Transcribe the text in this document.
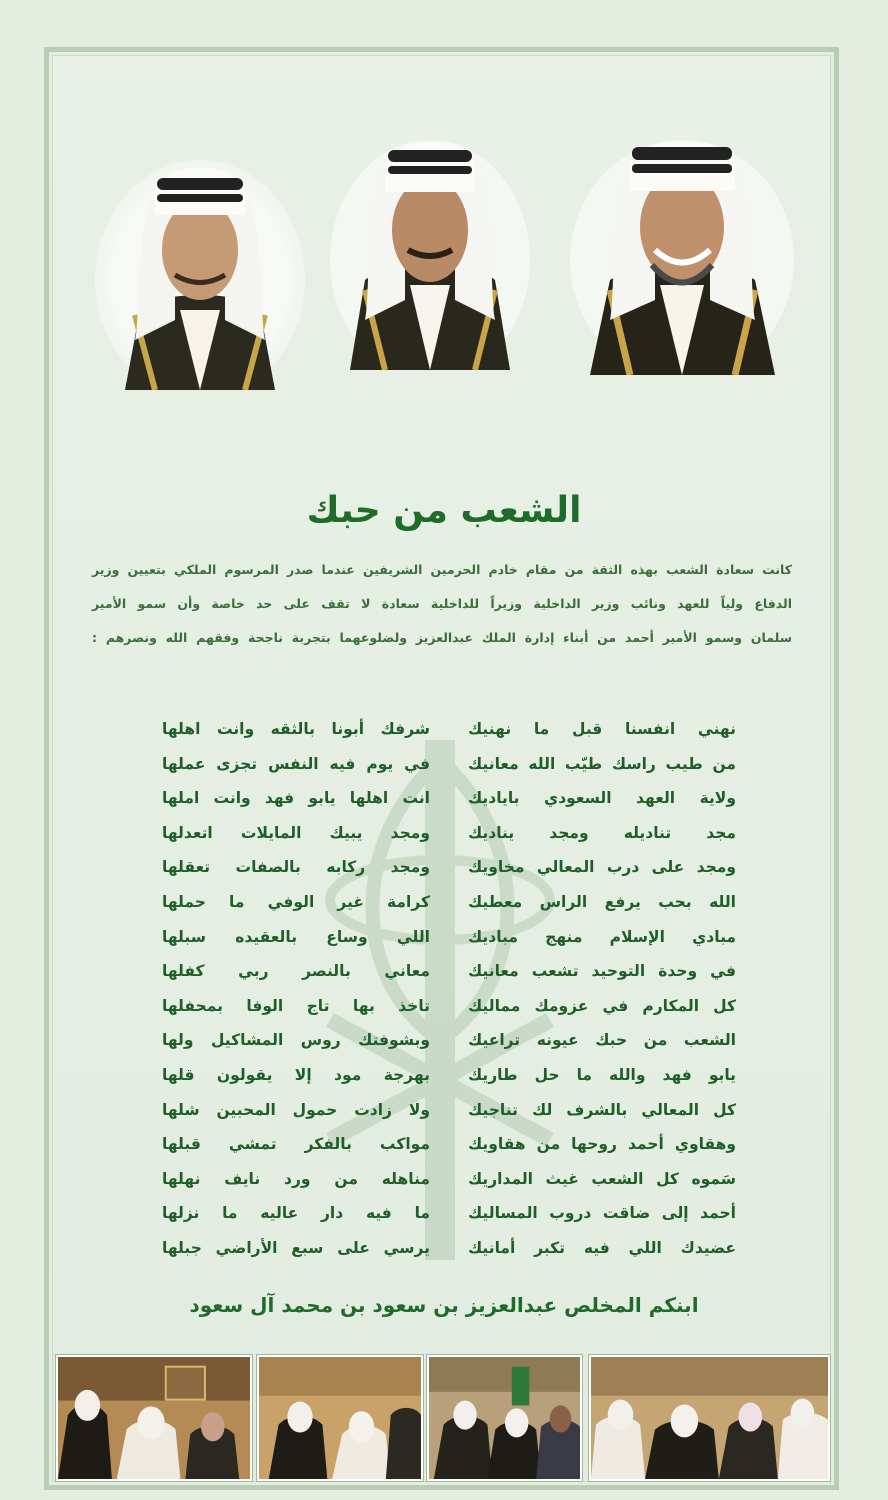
الشعب من حبك
كانت سعادة الشعب بهذه الثقة من مقام خادم الحرمين الشريفين عندما صدر المرسوم الملكي بتعيين وزير
الدفاع ولياً للعهد ونائب وزير الداخلية وزيراً للداخلية سعادة لا تقف على حد خاصة وأن سمو الأمير
سلمان وسمو الأمير أحمد من أبناء إدارة الملك عبدالعزيز ولضلوعهما بتجربة ناجحة وفقهم الله ونصرهم :
نهني انفسنا قبل ما نهنيك
من طيب راسك طيّب الله معانيك
ولاية العهد السعودي باياديك
مجد تناديله ومجد يناديك
ومجد على درب المعالي مخاويك
الله بحب يرفع الراس معطيك
مبادي الإسلام منهج مباديك
في وحدة التوحيد تشعب معانيك
كل المكارم في عزومك مماليك
الشعب من حبك عيونه تراعيك
يابو فهد والله ما حل طاريك
كل المعالي بالشرف لك تناجيك
وهقاوي أحمد روحها من هقاويك
سَموه كل الشعب غيث المداريك
أحمد إلى ضاقت دروب المساليك
عضيدك اللي فيه تكبر أمانيك
شرفك أبونا بالثقه وانت اهلها
في يوم فيه النفس تجزى عملها
انت اهلها يابو فهد وانت املها
ومجد يبيك المايلات اتعدلها
ومجد ركابه بالصفات تعقلها
كرامة غير الوفي ما حملها
اللي وساع بالعقيده سبلها
معاني بالنصر ربي كفلها
تاخذ بها تاج الوفا بمحفلها
وبشوفتك روس المشاكيل ولها
بهرجة مود إلا يقولون قلها
ولا زادت حمول المحبين شلها
مواكب بالفكر تمشي قبلها
مناهله من ورد نايف نهلها
ما فيه دار عاليه ما نزلها
يرسي على سبع الأراضي جبلها
ابنكم المخلص عبدالعزيز بن سعود بن محمد آل سعود
